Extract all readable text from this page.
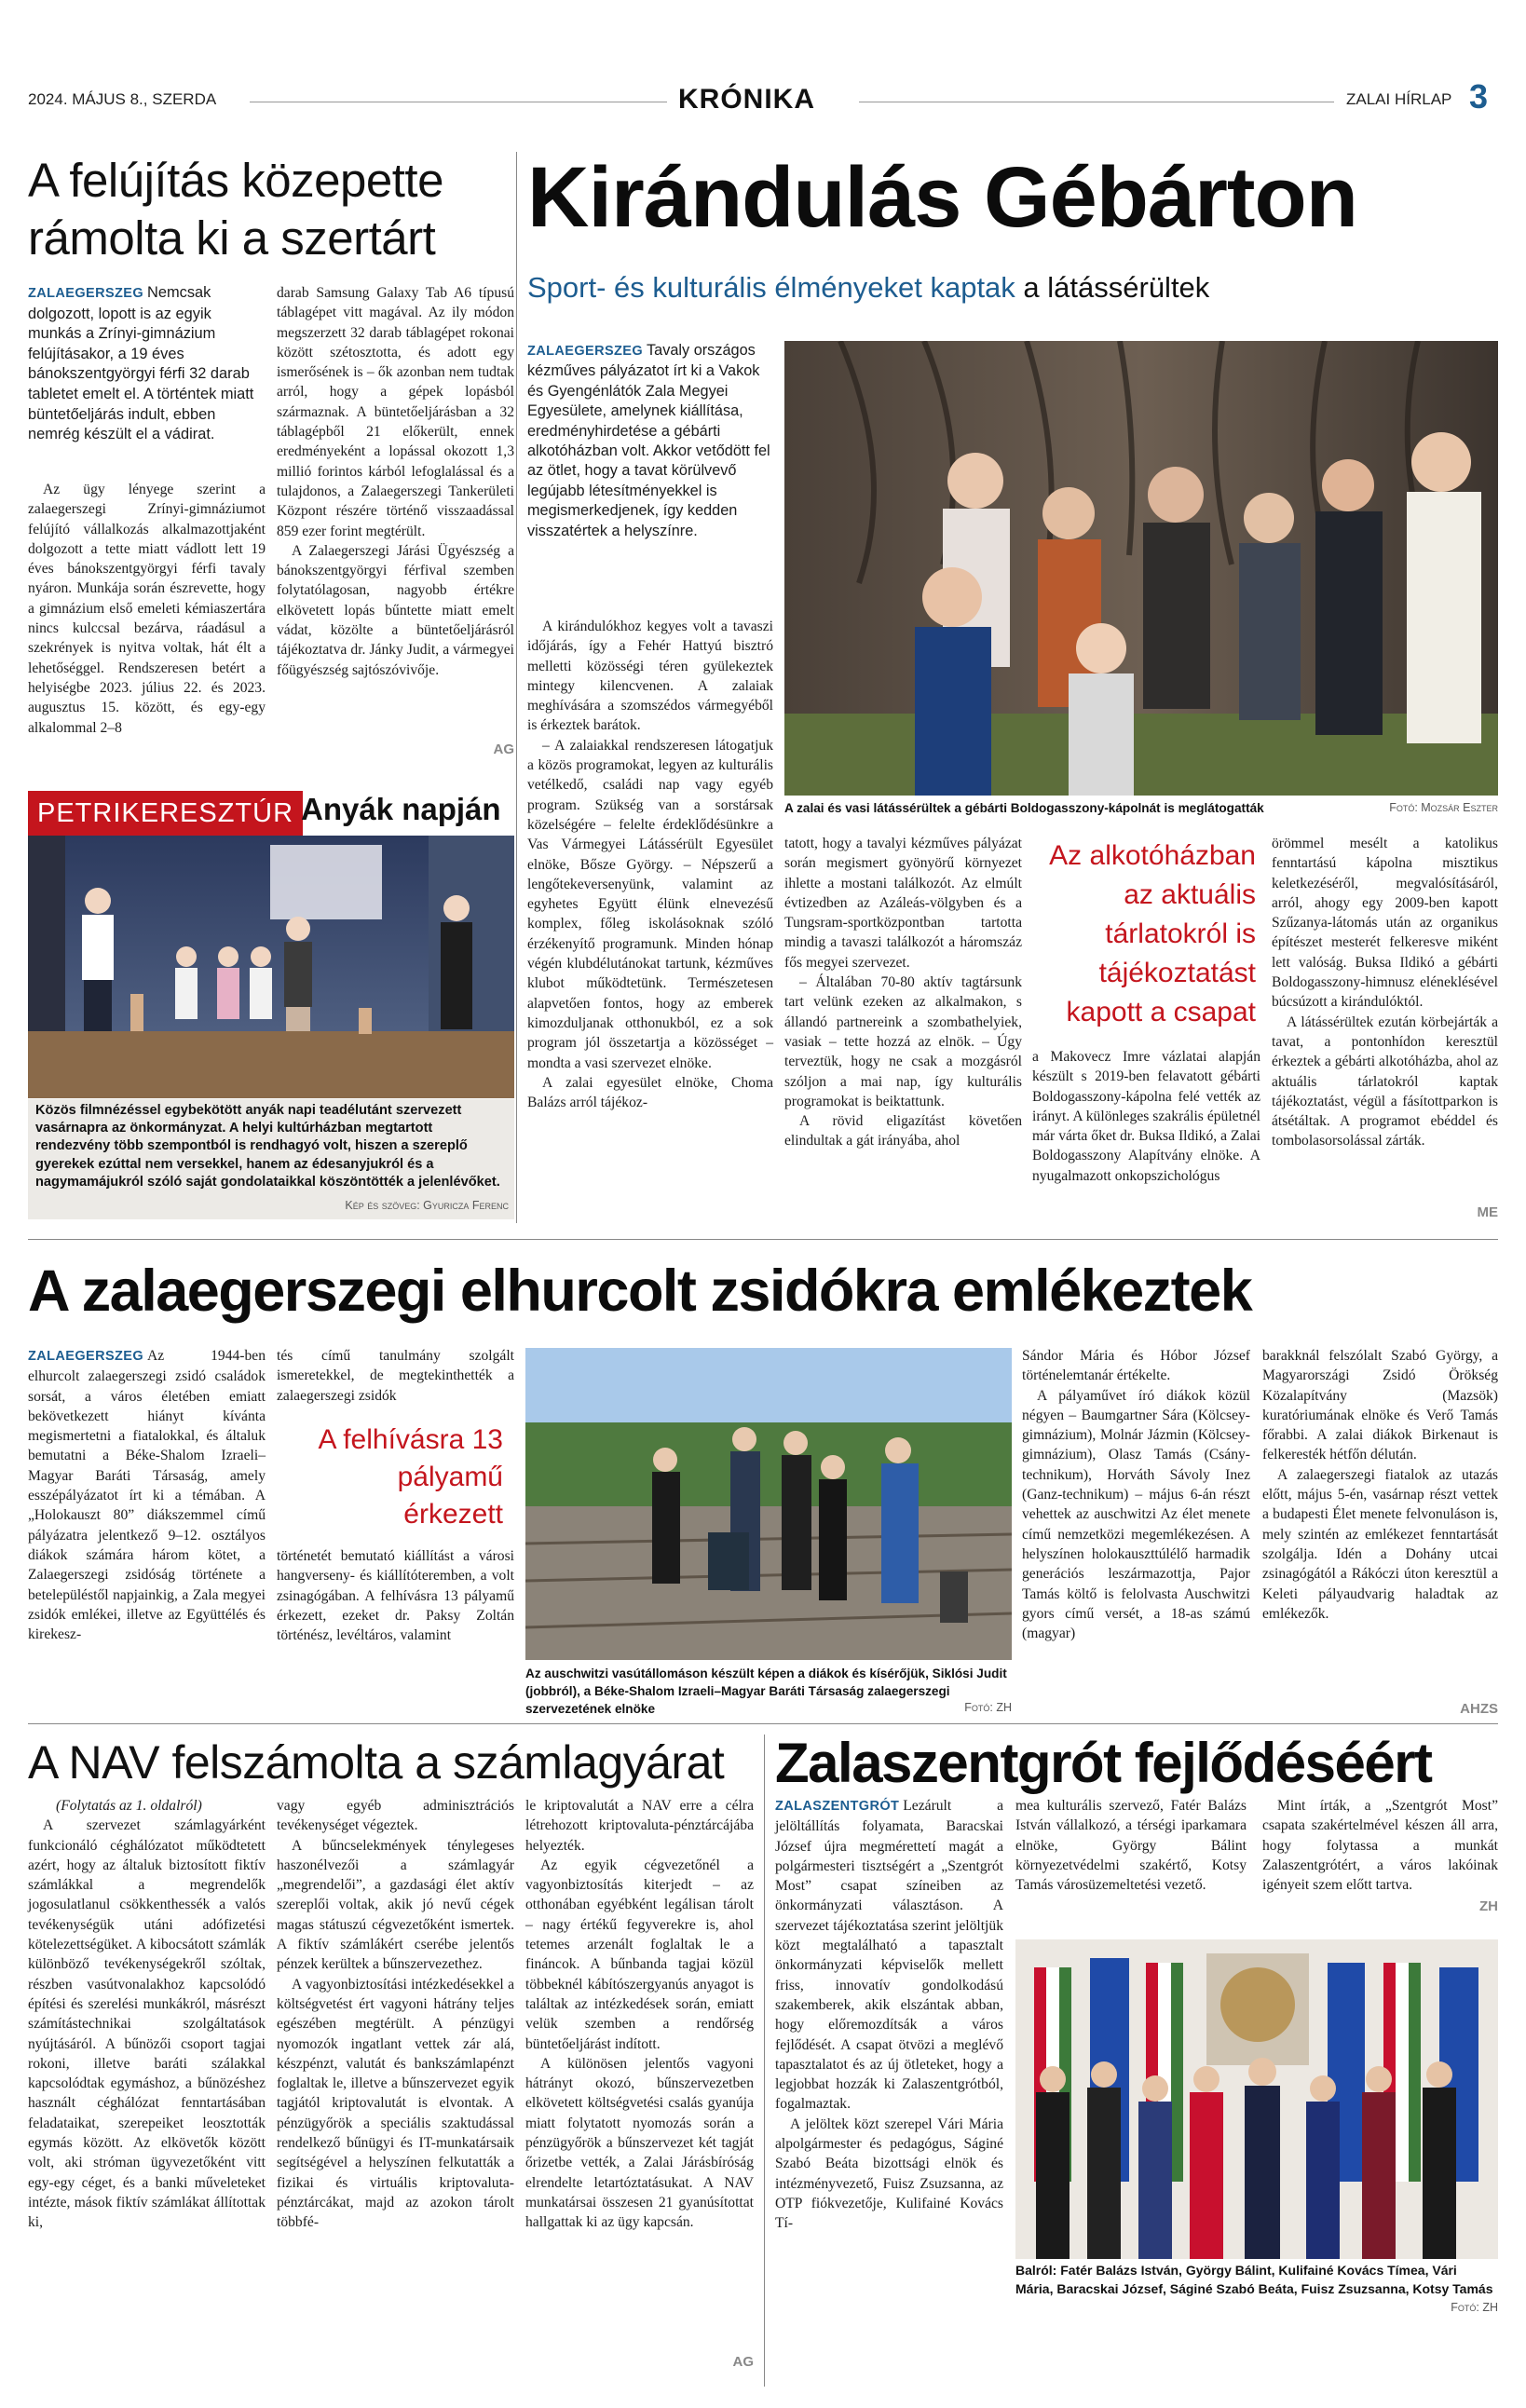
2024. MÁJUS 8., SZERDA	KRÓNIKA	ZALAI HÍRLAP 3
A felújítás közepette
rámolta ki a szertárt
ZALAEGERSZEG Nemcsak dolgozott, lopott is az egyik munkás a Zrínyi-gimnázium felújításakor, a 19 éves bánokszentgyörgyi férfi 32 darab tabletet emelt el. A történtek miatt büntetőeljárás indult, ebben nemrég készült el a vádirat.

Az ügy lényege szerint a zalaegerszegi Zrínyi-gimnáziumot felújító vállalkozás alkalmazottjaként dolgozott a tette miatt vádlott lett 19 éves bánokszentgyörgyi férfi tavaly nyáron. Munkája során észrevette, hogy a gimnázium első emeleti kémiaszertára nincs kulccsal bezárva, ráadásul a szekrények is nyitva voltak, hát élt a lehetőséggel. Rendszeresen betért a helyiségbe 2023. július 22. és 2023. augusztus 15. között, és egy-egy alkalommal 2–8

darab Samsung Galaxy Tab A6 típusú táblagépet vitt magával. Az ily módon megszerzett 32 darab táblagépet rokonai között szétosztotta, és adott egy ismerősének is – ők azonban nem tudtak arról, hogy a gépek lopásból származnak. A büntetőeljárásban a 32 táblagépből 21 előkerült, ennek eredményeként a lopással okozott 1,3 millió forintos kárból lefoglalással és a tulajdonos, a Zalaegerszegi Tankerületi Központ részére történő visszaadással 859 ezer forint megtérült.

A Zalaegerszegi Járási Ügyészség a bánokszentgyörgyi férfival szemben folytatólagosan, nagyobb értékre elkövetett lopás bűntette miatt emelt vádat, közölte a büntetőeljárásról tájékoztatva dr. Jánky Judit, a vármegyei főügyészség sajtószóvivője.

AG
PETRIKERESZTÚR Anyák napján
Közös filmnézéssel egybekötött anyák napi teadélutánt szervezett vasárnapra az önkormányzat. A helyi kultúrházban megtartott rendezvény több szempontból is rendhagyó volt, hiszen a szereplő gyerekek ezúttal nem versekkel, hanem az édesanyjukról és a nagymamájukról szóló saját gondolataikkal köszöntötték a jelenlévőket.
Kép és szöveg: Gyuricza Ferenc
Kirándulás Gébárton
Sport- és kulturális élményeket kaptak a látássérültek
ZALAEGERSZEG Tavaly országos kézműves pályázatot írt ki a Vakok és Gyengénlátók Zala Megyei Egyesülete, amelynek kiállítása, eredményhirdetése a gébárti alkotóházban volt. Akkor vetődött fel az ötlet, hogy a tavat körülvevő legújabb létesítményekkel is megismerkedjenek, így kedden visszatértek a helyszínre.

A kirándulókhoz kegyes volt a tavaszi időjárás, így a Fehér Hattyú bisztró melletti közösségi téren gyülekeztek mintegy kilencvenen. A zalaiak meghívására a szomszédos vármegyéből is érkeztek barátok.

– A zalaiakkal rendszeresen látogatjuk a közös programokat, legyen az kulturális vetélkedő, családi nap vagy egyéb program. Szükség van a sorstársak közelségére – felelte érdeklődésünkre a Vas Vármegyei Látássérült Egyesület elnöke, Bősze György. – Népszerű a lengőtekeversenyünk, valamint az egyhetes Együtt élünk elnevezésű komplex, főleg iskolásoknak szóló érzékenyítő programunk. Minden hónap végén klubdélutánokat tartunk, kézműves klubot működtetünk. Természetesen alapvetően fontos, hogy az emberek kimozduljanak otthonukból, ez a sok program jól összetartja a közösséget – mondta a vasi szervezet elnöke.

A zalai egyesület elnöke, Choma Balázs arról tájékoz-

A zalai és vasi látássérültek a gébárti Boldogasszony-kápolnát is meglátogatták	Fotó: Mozsár Eszter

tatott, hogy a tavalyi kézműves pályázat során megismert gyönyörű környezet ihlette a mostani találkozót. Az elmúlt évtizedben az Azáleás-völgyben és a Tungsram-sportközpontban tartotta mindig a tavaszi találkozót a háromszáz fős megyei szervezet.

– Általában 70-80 aktív tagtársunk tart velünk ezeken az alkalmakon, s állandó partnereink a szombathelyiek, vasiak – tette hozzá az elnök. – Úgy terveztük, hogy ne csak a mozgásról szóljon a mai nap, így kulturális programokat is beiktattunk.

A rövid eligazítást követően elindultak a gát irányába, ahol

Az alkotóházban az aktuális tárlatokról is tájékoztatást kapott a csapat

a Makovecz Imre vázlatai alapján készült s 2019-ben felavatott gébárti Boldogasszony-kápolna felé vették az irányt. A különleges szakrális épületnél már várta őket dr. Buksa Ildikó, a Zalai Boldogasszony Alapítvány elnöke. A nyugalmazott onkopszichológus

örömmel mesélt a katolikus fenntartású kápolna misztikus keletkezéséről, megvalósításáról, arról, ahogy egy 2009-ben kapott Szűzanya-látomás után az organikus építészet mesterét felkeresve miként lett valóság. Buksa Ildikó a gébárti Boldogasszony-himnusz eléneklésével búcsúzott a kirándulóktól.

A látássérültek ezután körbejárták a tavat, a pontonhídon keresztül érkeztek a gébárti alkotóházba, ahol az aktuális tárlatokról kaptak tájékoztatást, végül a fásítottparkon is átsétáltak. A programot ebéddel és tombolasorsolással zárták.

ME
A zalaegerszegi elhurcolt zsidókra emlékeztek

ZALAEGERSZEG Az 1944-ben elhurcolt zalaegerszegi zsidó családok sorsát, a város életében emiatt bekövetkezett hiányt kívánta megismertetni a fiatalokkal, és általuk bemutatni a Béke-Shalom Izraeli–Magyar Baráti Társaság, amely esszépályázatot írt ki a témában. A „Holokauszt 80” diákszemmel című pályázatra jelentkező 9–12. osztályos diákok számára három kötet, a Zalaegerszegi zsidóság története a betelepüléstől napjainkig, a Zala megyei zsidók emlékei, illetve az Együttélés és kirekesz-

tés című tanulmány szolgált ismeretekkel, de megtekinthették a zalaegerszegi zsidók

A felhívásra 13 pályamű érkezett

történetét bemutató kiállítást a városi hangverseny- és kiállítóteremben, a volt zsinagógában. A felhívásra 13 pályamű érkezett, ezeket dr. Paksy Zoltán történész, levéltáros, valamint

Az auschwitzi vasútállomáson készült képen a diákok és kísérőjük, Siklósi Judit (jobbról), a Béke-Shalom Izraeli–Magyar Baráti Társaság zalaegerszegi szervezetének elnöke	Fotó: ZH

Sándor Mária és Hóbor József történelemtanár értékelte.

A pályaművet író diákok közül négyen – Baumgartner Sára (Kölcsey-gimnázium), Molnár Jázmin (Kölcsey-gimnázium), Olasz Tamás (Csány-technikum), Horváth Sávoly Inez (Ganz-technikum) – május 6-án részt vehettek az auschwitzi Az élet menete című nemzetközi megemlékezésen. A helyszínen holokauszttúlélő harmadik generációs leszármazottja, Pajor Tamás költő is felolvasta Auschwitzi gyors című versét, a 18-as számú (magyar)

barakknál felszólalt Szabó György, a Magyarországi Zsidó Örökség Közalapítvány (Mazsök) kuratóriumának elnöke és Verő Tamás főrabbi. A zalai diákok Birkenaut is felkeresték hétfőn délután.

A zalaegerszegi fiatalok az utazás előtt, május 5-én, vasárnap részt vettek a budapesti Élet menete felvonuláson is, mely szintén az emlékezet fenntartását szolgálja. Idén a Dohány utcai zsinagógától a Rákóczi úton keresztül a Keleti pályaudvarig haladtak az emlékezők.

AHZS
A NAV felszámolta a számlagyárat

(Folytatás az 1. oldalról)

A szervezet számlagyárként funkcionáló céghálózatot működtetett azért, hogy az általuk biztosított fiktív számlákkal a megrendelők jogosulatlanul csökkenthessék a valós tevékenységük utáni adófizetési kötelezettségüket. A kibocsátott számlák különböző tevékenységekről szóltak, részben vasútvonalakhoz kapcsolódó építési és szerelési munkákról, másrészt számítástechnikai szolgáltatások nyújtásáról. A bűnözői csoport tagjai rokoni, illetve baráti szálakkal kapcsolódtak egymáshoz, a bűnözéshez használt céghálózat fenntartásában feladataikat, szerepeiket leosztották egymás között. Az elkövetők között volt, aki stróman ügyvezetőként vitt egy-egy céget, és a banki műveleteket intézte, mások fiktív számlákat állítottak ki,

vagy egyéb adminisztrációs tevékenységet végeztek.

A bűncselekmények ténylegeses haszonélvezői a számlagyár „megrendelői”, a gazdasági élet aktív szereplői voltak, akik jó nevű cégek magas státuszú cégvezetőként ismertek. A fiktív számlákért cserébe jelentős pénzek kerültek a bűnszervezethez.

A vagyonbiztosítási intézkedésekkel a költségvetést ért vagyoni hátrány teljes egészében megtérült. A pénzügyi nyomozók ingatlant vettek zár alá, készpénzt, valutát és bankszámlapénzt foglaltak le, illetve a bűnszervezet egyik tagjától kriptovalutát is elvontak. A pénzügyőrök a speciális szaktudással rendelkező bűnügyi és IT-munkatársaik segítségével a helyszínen felkutatták a fizikai és virtuális kriptovaluta-pénztárcákat, majd az azokon tárolt többfé-

le kriptovalutát a NAV erre a célra létrehozott kriptovaluta-pénztárcájába helyezték.

Az egyik cégvezetőnél a vagyonbiztosítás kiterjedt – az otthonában egyébként legálisan tárolt – nagy értékű fegyverekre is, ahol tetemes arzenált foglaltak le a fináncok. A bűnbanda tagjai közül többeknél kábítószergyanús anyagot is találtak az intézkedések során, emiatt velük szemben a rendőrség büntetőeljárást indított.

A különösen jelentős vagyoni hátrányt okozó, bűnszervezetben elkövetett költségvetési csalás gyanúja miatt folytatott nyomozás során a pénzügyőrök a bűnszervezet két tagját őrizetbe vették, a Zalai Járásbíróság elrendelte letartóztatásukat. A NAV munkatársai összesen 21 gyanúsítottat hallgattak ki az ügy kapcsán.

AG
Zalaszentgrót fejlődéséért

ZALASZENTGRÓT Lezárult a jelöltállítás folyamata, Baracskai József újra megmérettetí magát a polgármesteri tisztségért a „Szentgrót Most” csapat színeiben az önkormányzati választáson. A szervezet tájékoztatása szerint jelöltjük közt megtalálható a tapasztalt önkormányzati képviselők mellett friss, innovatív gondolkodású szakemberek, akik elszántak abban, hogy előremozdítsák a város fejlődését. A csapat ötvözi a meglévő tapasztalatot és az új ötleteket, hogy a legjobbat hozzák ki Zalaszentgrótból, fogalmaztak.

A jelöltek közt szerepel Vári Mária alpolgármester és pedagógus, Ságiné Szabó Beáta bizottsági elnök és intézményvezető, Fuisz Zsuzsanna, az OTP fiókvezetője, Kulifainé Kovács Tí-

mea kulturális szervező, Fatér Balázs István vállalkozó, a térségi iparkamara elnöke, György Bálint környezetvédelmi szakértő, Kotsy Tamás városüzemeltetési vezető.

Mint írták, a „Szentgrót Most” csapata szakértelmével készen áll arra, hogy folytassa a munkát Zalaszentgrótért, a város lakóinak igényeit szem előtt tartva.

ZH
Balról: Fatér Balázs István, György Bálint, Kulifainé Kovács Tímea, Vári Mária, Baracskai József, Ságiné Szabó Beáta, Fuisz Zsuzsanna, Kotsy Tamás
Fotó: ZH
